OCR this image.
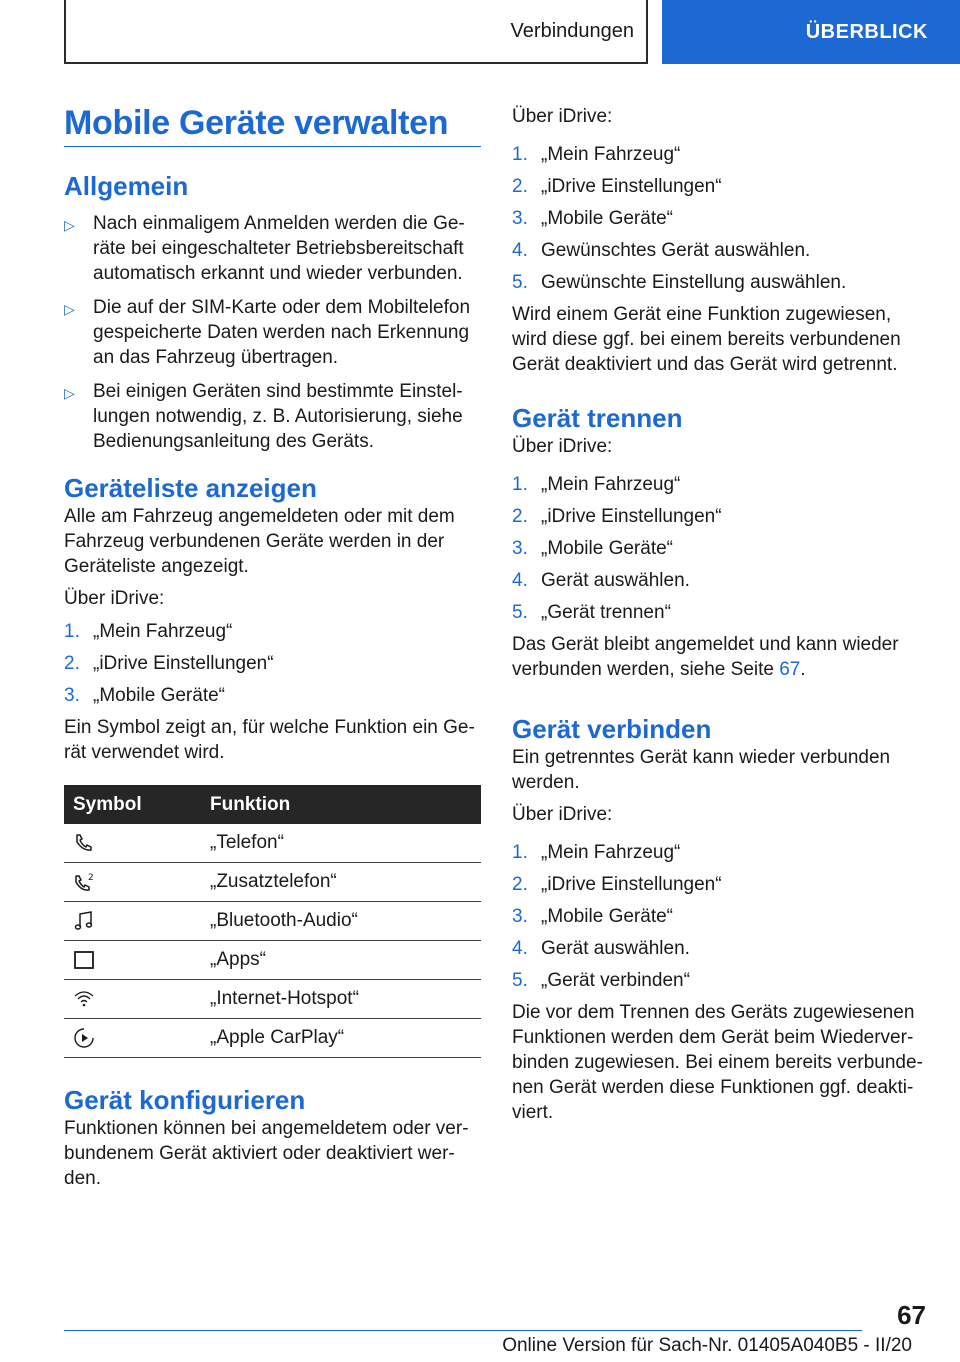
Verbindungen	ÜBERBLICK
Mobile Geräte verwalten
Allgemein
▷ Nach einmaligem Anmelden werden die Ge-räte bei eingeschalteter Betriebsbereitschaft automatisch erkannt und wieder verbunden.
▷ Die auf der SIM-Karte oder dem Mobiltelefon gespeicherte Daten werden nach Erkennung an das Fahrzeug übertragen.
▷ Bei einigen Geräten sind bestimmte Einstel-lungen notwendig, z. B. Autorisierung, siehe Bedienungsanleitung des Geräts.
Geräteliste anzeigen
Alle am Fahrzeug angemeldeten oder mit dem Fahrzeug verbundenen Geräte werden in der Geräteliste angezeigt.
Über iDrive:
1. „Mein Fahrzeug“
2. „iDrive Einstellungen“
3. „Mobile Geräte“
Ein Symbol zeigt an, für welche Funktion ein Ge-rät verwendet wird.
Symbol	Funktion

	„Telefon“

2	„Zusatztelefon“

	„Bluetooth-Audio“

	„Apps“

	„Internet-Hotspot“

	„Apple CarPlay“
Gerät konfigurieren
Funktionen können bei angemeldetem oder ver-bundenem Gerät aktiviert oder deaktiviert wer-den.
Über iDrive:
1. „Mein Fahrzeug“
2. „iDrive Einstellungen“
3. „Mobile Geräte“
4. Gewünschtes Gerät auswählen.
5. Gewünschte Einstellung auswählen.
Wird einem Gerät eine Funktion zugewiesen, wird diese ggf. bei einem bereits verbundenen Gerät deaktiviert und das Gerät wird getrennt.
Gerät trennen
Über iDrive:
1. „Mein Fahrzeug“
2. „iDrive Einstellungen“
3. „Mobile Geräte“
4. Gerät auswählen.
5. „Gerät trennen“
Das Gerät bleibt angemeldet und kann wieder verbunden werden, siehe Seite 67.
Gerät verbinden
Ein getrenntes Gerät kann wieder verbunden werden.
Über iDrive:
1. „Mein Fahrzeug“
2. „iDrive Einstellungen“
3. „Mobile Geräte“
4. Gerät auswählen.
5. „Gerät verbinden“
Die vor dem Trennen des Geräts zugewiesenen Funktionen werden dem Gerät beim Wiederver-binden zugewiesen. Bei einem bereits verbunde-nen Gerät werden diese Funktionen ggf. deakti-viert.
67
Online Version für Sach-Nr. 01405A040B5 - II/20
